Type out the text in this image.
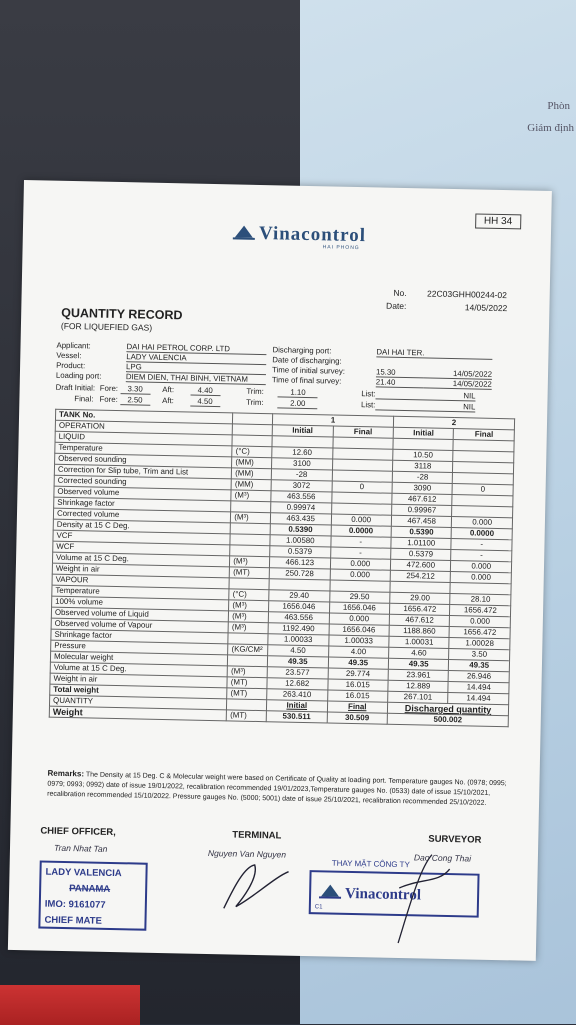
Phòn
Giám định
HH 34
Vinacontrol
HAI PHONG
No. 22C03GHH00244-02
Date:	14/05/2022
QUANTITY RECORD
(FOR LIQUEFIED GAS)
Applicant:	DAI HAI PETROL CORP. LTD
Vessel:	LADY VALENCIA
Product:	LPG
Loading port:	DIEM DIEN, THAI BINH, VIETNAM
Draft Initial: Fore: 3.30 Aft:	4.40	Trim:	1.10
Final: Fore: 2.50 Aft:	4.50	Trim:	2.00
Discharging port:	DAI HAI TER.
Date of discharging:
Time of initial survey:	15.30	14/05/2022
Time of final survey:	21.40	14/05/2022
List:	NIL
List:	NIL
TANK No.		1		2	
OPERATION		Initial	Final	Initial	Final
LIQUID					
Temperature	(°C)	12.60		10.50	
Observed sounding	(MM)	3100		3118	
Correction for Slip tube, Trim and List	(MM)	-28		-28	
Corrected sounding	(MM)	3072	0	3090	0
Observed volume	(M³)	463.556		467.612	
Shrinkage factor		0.99974		0.99967	
Corrected volume	(M³)	463.435	0.000	467.458	0.000
Density at 15 C Deg.		0.5390	0.0000	0.5390	0.0000
VCF		1.00580	-	1.01100	-
WCF		0.5379	-	0.5379	-
Volume at 15 C Deg.	(M³)	466.123	0.000	472.600	0.000
Weight in air	(MT)	250.728	0.000	254.212	0.000
VAPOUR					
Temperature	(°C)	29.40	29.50	29.00	28.10
100% volume	(M³)	1656.046	1656.046	1656.472	1656.472
Observed volume of Liquid	(M³)	463.556	0.000	467.612	0.000
Observed volume of Vapour	(M³)	1192.490	1656.046	1188.860	1656.472
Shrinkage factor		1.00033	1.00033	1.00031	1.00028
Pressure	(KG/CM²	4.50	4.00	4.60	3.50
Molecular weight		49.35	49.35	49.35	49.35
Volume at 15 C Deg.	(M³)	23.577	29.774	23.961	26.946
Weight in air	(MT)	12.682	16.015	12.889	14.494
Total weight	(MT)	263.410	16.015	267.101	14.494
QUANTITY		Initial	Final	Discharged quantity	
Weight	(MT)	530.511	30.509	500.002	
Remarks: The Density at 15 Deg. C & Molecular weight were based on Certificate of Quality at loading port. Temperature gauges No. (0978; 0995; 0979; 0993; 0992) date of issue 19/01/2022, recalibration recommended 19/01/2023,Temperature gauges No. (0533) date of issue 15/10/2021, recalibration recommended 15/10/2022. Pressure gauges No. (5000; 5001) date of issue 25/10/2021, recalibration recommended 25/10/2022.
CHIEF OFFICER,	TERMINAL	SURVEYOR
Tran Nhat Tan	Nguyen Van Nguyen	Dao Cong Thai
LADY VALENCIA
PANAMA
IMO: 9161077
CHIEF MATE
THAY MẶT CÔNG TY
Vinacontrol
C1
